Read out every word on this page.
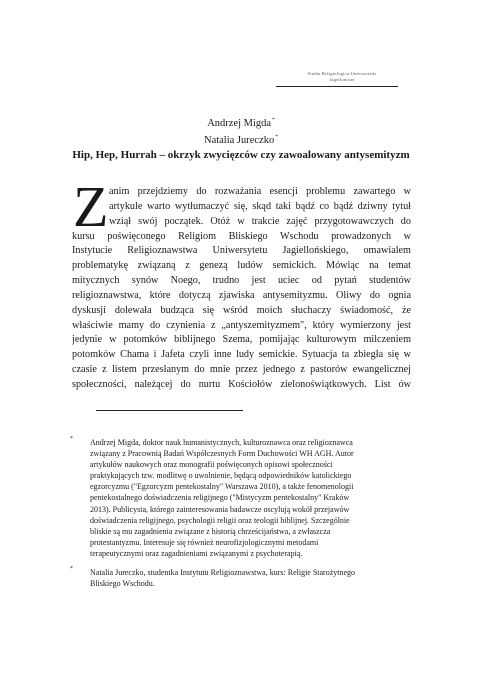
Studia Religiologica Universitatis
Jagellonicae
Andrzej Migda*
Natalia Jureczko*
Hip, Hep, Hurrah – okrzyk zwycięzców czy zawoalowany antysemityzm
Z anim przejdziemy do rozważania esencji problemu zawartego w
artykule warto wytłumaczyć się, skąd taki bądź co bądź dziwny tytuł
wziął swój początek. Otóż w trakcie zajęć przygotowawczych do
kursu poświęconego Religiom Bliskiego Wschodu prowadzonych w
Instytucie Religioznawstwa Uniwersytetu Jagiellońskiego, omawialem
problematykę związaną z genezą ludów semickich. Mówiąc na temat
mitycznych synów Noego, trudno jest uciec od pytań studentów
religioznawstwa, które dotyczą zjawiska antysemityzmu. Oliwy do ognia
dyskusji dolewała budząca się wśród moich słuchaczy świadomość, że
właściwie mamy do czynienia z „antyszemityzmem", który wymierzony jest
jedynie w potomków biblijnego Szema, pomijając kulturowym milczeniem
potomków Chama i Jafeta czyli inne ludy semickie. Sytuacja ta zbiegła się w
czasie z listem przesłanym do mnie przez jednego z pastorów ewangelicznej
społeczności, należącej do nurtu Kościołów zielonoświątkowych. List ów
* Andrzej Migda, doktor nauk humanistycznych, kulturoznawca oraz religioznawca
związany z Pracownią Badań Współczesnych Form Duchowości WH AGH. Autor
artykułów naukowych oraz monografii poświęconych opisowi społeczności
praktykujących tzw. modlitwę o uwolnienie, będącą odpowiedników katolickiego
egzorcyzmu ("Egzorcyzm pentekostalny" Warszawa 2010), a także fenomenologii
pentekostalnego doświadczenia religijnego ("Mistycyzm pentekostalny" Kraków
2013). Publicysta, którego zainteresowania badawcze oscylują wokół przejawów
doświadczenia religijnego, psychologii religii oraz teologii biblijnej. Szczególnie
bliskie są mu zagadnienia związane z historią chrześcijaństwa, a zwłaszcza
protestantyzmu. Interesuje się również neurofizjologicznymi metodami
terapeutycznymi oraz zagadnieniami związanymi z psychoterapią.
* Natalia Jureczko, studentka Instytutu Religioznawstwa, kurs: Religie Starożytnego
Bliskiego Wschodu.
